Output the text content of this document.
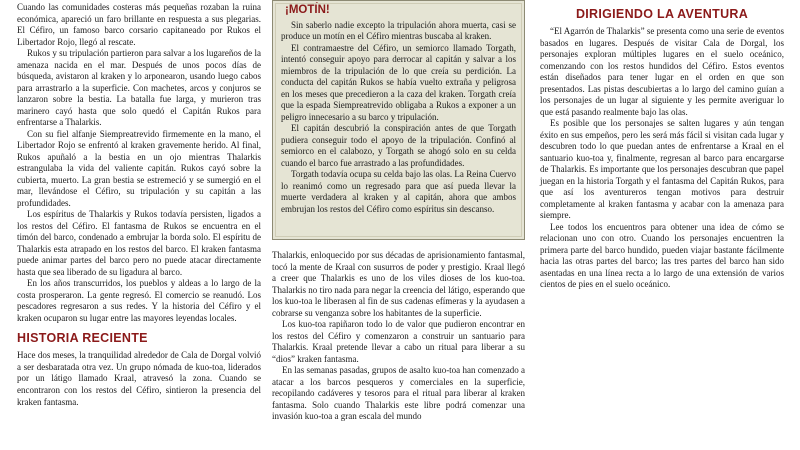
Cuando las comunidades costeras más pequeñas rozaban la ruina económica, apareció un faro brillante en respuesta a sus plegarias. El Céfiro, un famoso barco corsario capitaneado por Rukos el Libertador Rojo, llegó al rescate.

Rukos y su tripulación partieron para salvar a los lugareños de la amenaza nacida en el mar. Después de unos pocos días de búsqueda, avistaron al kraken y lo arponearon, usando luego cabos para arrastrarlo a la superficie. Con machetes, arcos y conjuros se lanzaron sobre la bestia. La batalla fue larga, y murieron tras marinero cayó hasta que solo quedó el Capitán Rukos para enfrentarse a Thalarkis.

Con su fiel alfanje Siempreatrevido firmemente en la mano, el Libertador Rojo se enfrentó al kraken gravemente herido. Al final, Rukos apuñaló a la bestia en un ojo mientras Thalarkis estrangulaba la vida del valiente capitán. Rukos cayó sobre la cubierta, muerto. La gran bestia se estremeció y se sumergió en el mar, llevándose el Céfiro, su tripulación y su capitán a las profundidades.

Los espíritus de Thalarkis y Rukos todavía persisten, ligados a los restos del Céfiro. El fantasma de Rukos se encuentra en el timón del barco, condenado a embrujar la borda solo. El espíritu de Thalarkis esta atrapado en los restos del barco. El kraken fantasma puede animar partes del barco pero no puede atacar directamente hasta que sea liberado de su ligadura al barco.

En los años transcurridos, los pueblos y aldeas a lo largo de la costa prosperaron. La gente regresó. El comercio se reanudó. Los pescadores regresaron a sus redes. Y la historia del Céfiro y el kraken ocuparon su lugar entre las mayores leyendas locales.

HISTORIA RECIENTE

Hace dos meses, la tranquilidad alrededor de Cala de Dorgal volvió a ser desbaratada otra vez. Un grupo nómada de kuo-toa, liderados por un látigo llamado Kraal, atravesó la zona. Cuando se encontraron con los restos del Céfiro, sintieron la presencia del kraken fantasma.

¡MOTÍN!

Sin saberlo nadie excepto la tripulación ahora muerta, casi se produce un motín en el Céfiro mientras buscaba al kraken.

El contramaestre del Céfiro, un semiorco llamado Torgath, intentó conseguir apoyo para derrocar al capitán y salvar a los miembros de la tripulación de lo que creía su perdición. La conducta del capitán Rukos se había vuelto extraña y peligrosa en los meses que precedieron a la caza del kraken. Torgath creía que la espada Siempreatrevido obligaba a Rukos a exponer a un peligro innecesario a su barco y tripulación.

El capitán descubrió la conspiración antes de que Torgath pudiera conseguir todo el apoyo de la tripulación. Confinó al semiorco en el calabozo, y Torgath se ahogó solo en su celda cuando el barco fue arrastrado a las profundidades.

Torgath todavía ocupa su celda bajo las olas. La Reina Cuervo lo reanimó como un regresado para que así pueda llevar la muerte verdadera al kraken y al capitán, ahora que ambos embrujan los restos del Céfiro como espíritus sin descanso.

Thalarkis, enloquecido por sus décadas de aprisionamiento fantasmal, tocó la mente de Kraal con susurros de poder y prestigio. Kraal llegó a creer que Thalarkis es uno de los viles dioses de los kuo-toa. Thalarkis no tiro nada para negar la creencia del látigo, esperando que los kuo-toa le liberasen al fin de sus cadenas efímeras y la ayudasen a cobrarse su venganza sobre los habitantes de la superficie.

Los kuo-toa rapiñaron todo lo de valor que pudieron encontrar en los restos del Céfiro y comenzaron a construir un santuario para Thalarkis. Kraal pretende llevar a cabo un ritual para liberar a su “dios” kraken fantasma.

En las semanas pasadas, grupos de asalto kuo-toa han comenzado a atacar a los barcos pesqueros y comerciales en la superficie, recopilando cadáveres y tesoros para el ritual para liberar al kraken fantasma. Solo cuando Thalarkis este libre podrá comenzar una invasión kuo-toa a gran escala del mundo

DIRIGIENDO LA AVENTURA

“El Agarrón de Thalarkis” se presenta como una serie de eventos basados en lugares. Después de visitar Cala de Dorgal, los personajes exploran múltiples lugares en el suelo oceánico, comenzando con los restos hundidos del Céfiro. Estos eventos están diseñados para tener lugar en el orden en que son presentados. Las pistas descubiertas a lo largo del camino guían a los personajes de un lugar al siguiente y les permite averiguar lo que está pasando realmente bajo las olas.

Es posible que los personajes se salten lugares y aún tengan éxito en sus empeños, pero les será más fácil si visitan cada lugar y descubren todo lo que puedan antes de enfrentarse a Kraal en el santuario kuo-toa y, finalmente, regresan al barco para encargarse de Thalarkis. Es importante que los personajes descubran que papel juegan en la historia Torgath y el fantasma del Capitán Rukos, para que así los aventureros tengan motivos para destruir completamente al kraken fantasma y acabar con la amenaza para siempre.

Lee todos los encuentros para obtener una idea de cómo se relacionan uno con otro. Cuando los personajes encuentren la primera parte del barco hundido, pueden viajar bastante fácilmente hacia las otras partes del barco; las tres partes del barco han sido asentadas en una línea recta a lo largo de una extensión de varios cientos de pies en el suelo oceánico.
